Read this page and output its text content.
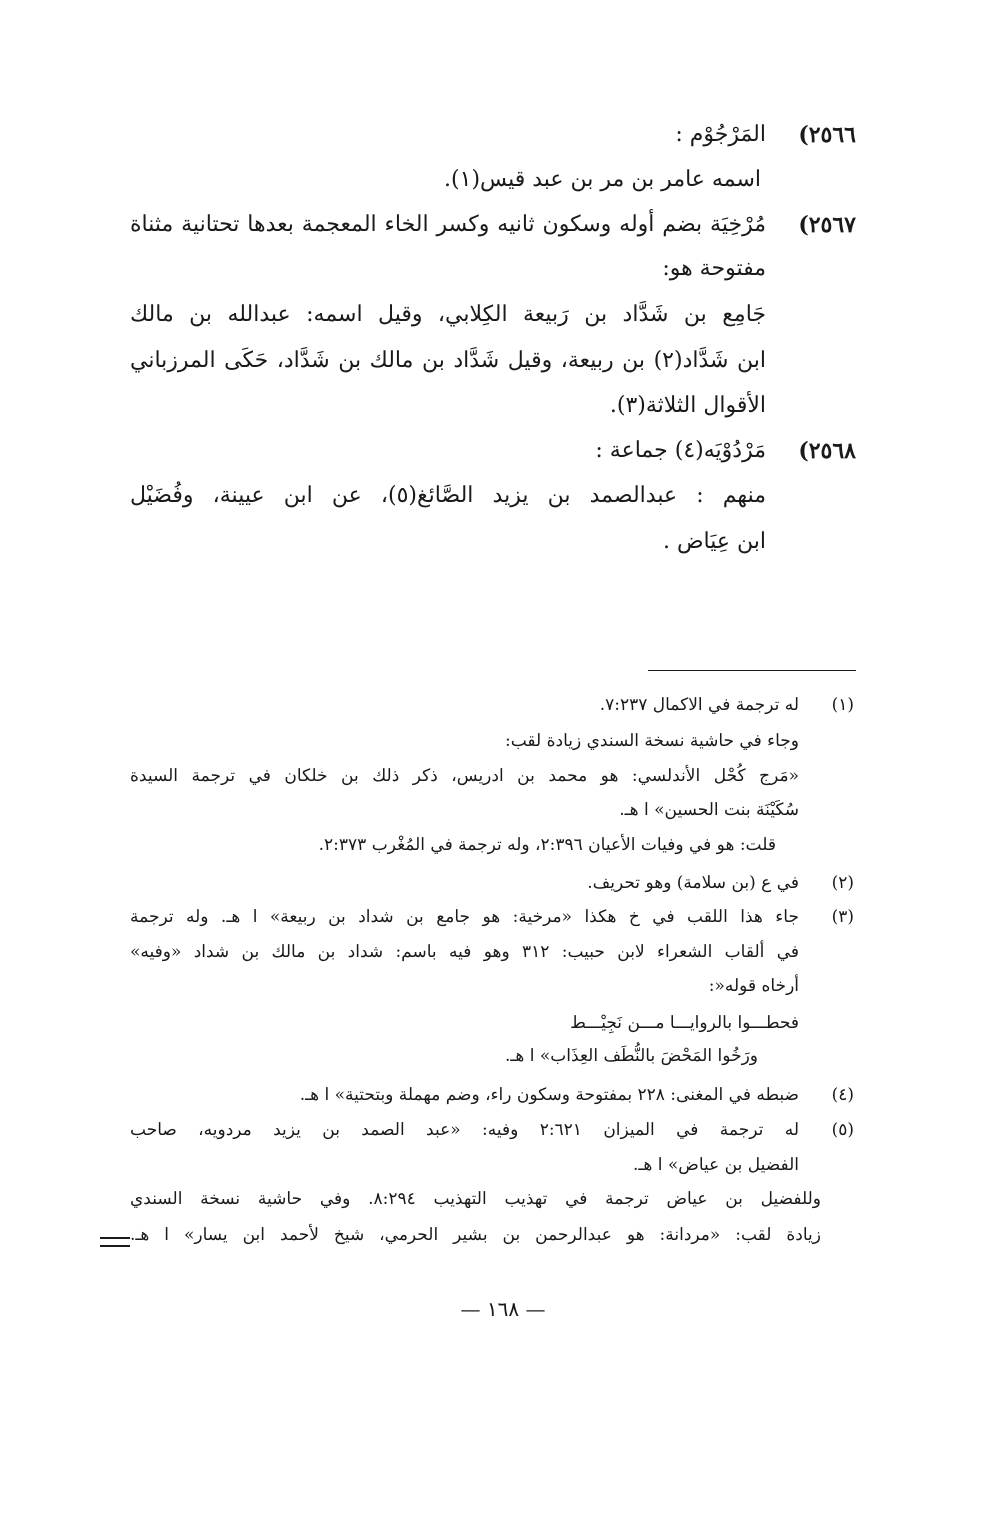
٢٥٦٦)
المَرْجُوْم :
اسمه عامر بن مر بن عبد قيس(١).
٢٥٦٧)
مُرْخِيَة بضم أوله وسكون ثانيه وكسر الخاء المعجمة بعدها تحتانية مثناة
مفتوحة هو:
جَامِع بن شَدَّاد بن رَبيعة الكِلابي، وقيل اسمه: عبدالله بن مالك
ابن شَدَّاد(٢) بن ربيعة، وقيل شَدَّاد بن مالك بن شَدَّاد، حَكَى المرزباني
الأقوال الثلاثة(٣).
٢٥٦٨)
مَرْدُوْيَه(٤) جماعة :
منهم : عبدالصمد بن يزيد الصَّائغ(٥)، عن ابن عيينة، وفُضَيْل
ابن عِيَاض .
(١)
له ترجمة في الاكمال ٧:٢٣٧.
وجاء في حاشية نسخة السندي زيادة لقب:
«مَرج كُحْل الأندلسي: هو محمد بن ادريس، ذكر ذلك بن خلكان في ترجمة السيدة
سُكَيْنَة بنت الحسين» ا هـ.
قلت: هو في وفيات الأعيان ٢:٣٩٦، وله ترجمة في المُغْرب ٢:٣٧٣.
(٢)
في ع (بن سلامة) وهو تحريف.
(٣)
جاء هذا اللقب في خ هكذا «مرخية: هو جامع بن شداد بن ربيعة» ا هـ. وله ترجمة
في ألقاب الشعراء لابن حبيب: ٣١٢ وهو فيه باسم: شداد بن مالك بن شداد «وفيه»
أرخاه قوله«:
فحطـــوا بالروايـــا مـــن نَجِيْـــط
ورَخُوا المَحْضَ بالنُّطَف العِذَاب» ا هـ.
(٤)
ضبطه في المغنى: ٢٢٨ بمفتوحة وسكون راء، وضم مهملة وبتحتية» ا هـ.
(٥)
له ترجمة في الميزان ٢:٦٢١ وفيه: «عبد الصمد بن يزيد مردويه، صاحب
الفضيل بن عياض» ا هـ.
وللفضيل بن عياض ترجمة في تهذيب التهذيب ٨:٢٩٤. وفي حاشية نسخة السندي
زيادة لقب: «مردانة: هو عبدالرحمن بن بشير الحرمي، شيخ لأحمد ابن يسار» ا هـ.
— ١٦٨ —
